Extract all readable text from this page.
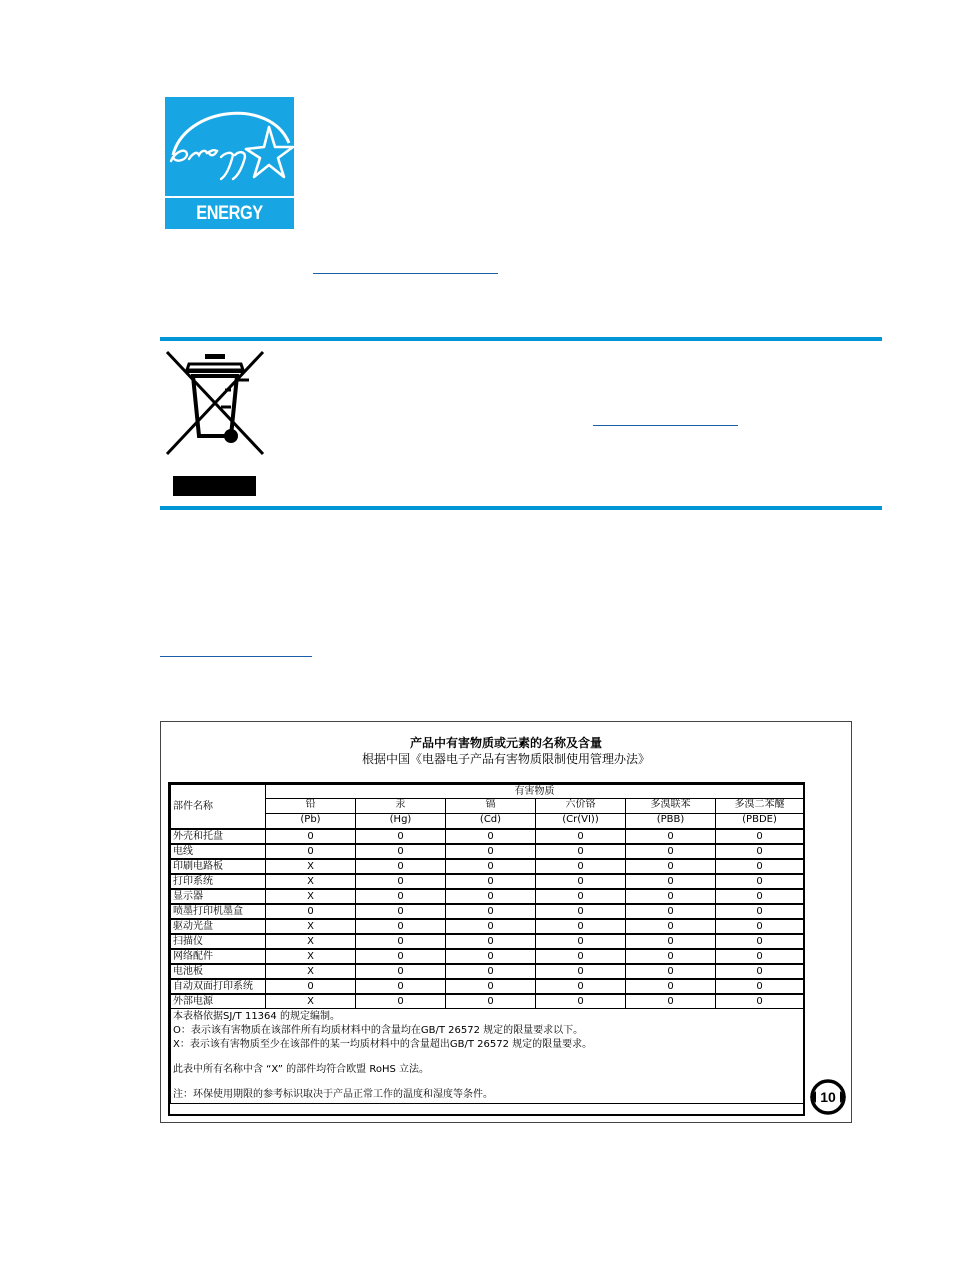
ENERGY STAR
产品中有害物质或元素的名称及含量
根据中国《电器电子产品有害物质限制使用管理办法》
部件名称	有害物质					
	铅	汞	镉	六价铬	多溴联苯	多溴二苯醚
	(Pb)	(Hg)	(Cd)	(Cr(VI))	(PBB)	(PBDE)
外壳和托盘	0	0	0	0	0	0
电线	0	0	0	0	0	0
印刷电路板	X	0	0	0	0	0
打印系统	X	0	0	0	0	0
显示器	X	0	0	0	0	0
喷墨打印机墨盒	0	0	0	0	0	0
驱动光盘	X	0	0	0	0	0
扫描仪	X	0	0	0	0	0
网络配件	X	0	0	0	0	0
电池板	X	0	0	0	0	0
自动双面打印系统	0	0	0	0	0	0
外部电源	X	0	0	0	0	0

本表格依据SJ/T 11364 的规定编制。
O：表示该有害物质在该部件所有均质材料中的含量均在GB/T 26572 规定的限量要求以下。
X：表示该有害物质至少在该部件的某一均质材料中的含量超出GB/T 26572 规定的限量要求。
此表中所有名称中含 “X” 的部件均符合欧盟 RoHS 立法。
注：环保使用期限的参考标识取决于产品正常工作的温度和湿度等条件。							10
